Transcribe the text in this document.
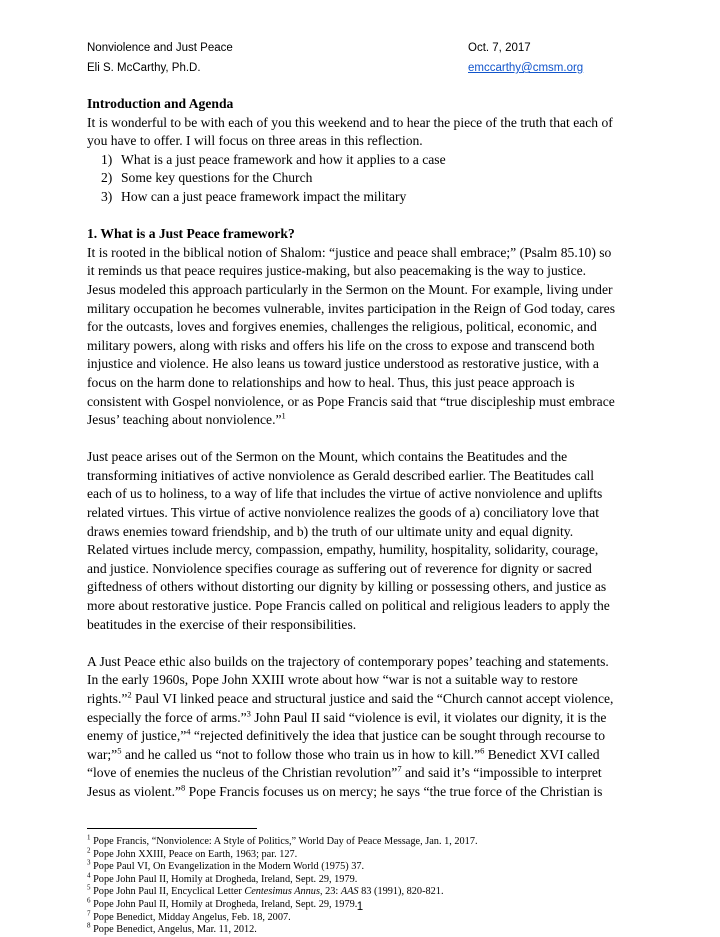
Nonviolence and Just Peace	Oct. 7, 2017
Eli S. McCarthy, Ph.D.	emccarthy@cmsm.org
Introduction and Agenda
It is wonderful to be with each of you this weekend and to hear the piece of the truth that each of
you have to offer. I will focus on three areas in this reflection.
1) What is a just peace framework and how it applies to a case
2) Some key questions for the Church
3) How can a just peace framework impact the military
1. What is a Just Peace framework?
It is rooted in the biblical notion of Shalom: “justice and peace shall embrace;” (Psalm 85.10) so
it reminds us that peace requires justice-making, but also peacemaking is the way to justice.
Jesus modeled this approach particularly in the Sermon on the Mount. For example, living under
military occupation he becomes vulnerable, invites participation in the Reign of God today, cares
for the outcasts, loves and forgives enemies, challenges the religious, political, economic, and
military powers, along with risks and offers his life on the cross to expose and transcend both
injustice and violence. He also leans us toward justice understood as restorative justice, with a
focus on the harm done to relationships and how to heal. Thus, this just peace approach is
consistent with Gospel nonviolence, or as Pope Francis said that “true discipleship must embrace
Jesus’ teaching about nonviolence.”$^1$
Just peace arises out of the Sermon on the Mount, which contains the Beatitudes and the
transforming initiatives of active nonviolence as Gerald described earlier. The Beatitudes call
each of us to holiness, to a way of life that includes the virtue of active nonviolence and uplifts
related virtues. This virtue of active nonviolence realizes the goods of a) conciliatory love that
draws enemies toward friendship, and b) the truth of our ultimate unity and equal dignity.
Related virtues include mercy, compassion, empathy, humility, hospitality, solidarity, courage,
and justice. Nonviolence specifies courage as suffering out of reverence for dignity or sacred
giftedness of others without distorting our dignity by killing or possessing others, and justice as
more about restorative justice. Pope Francis called on political and religious leaders to apply the
beatitudes in the exercise of their responsibilities.
A Just Peace ethic also builds on the trajectory of contemporary popes’ teaching and statements.
In the early 1960s, Pope John XXIII wrote about how “war is not a suitable way to restore
rights.”$^2$ Paul VI linked peace and structural justice and said the “Church cannot accept violence,
especially the force of arms.”$^3$ John Paul II said “violence is evil, it violates our dignity, it is the
enemy of justice,”$^4$ “rejected definitively the idea that justice can be sought through recourse to
war;”$^5$ and he called us “not to follow those who train us in how to kill.”$^6$ Benedict XVI called
“love of enemies the nucleus of the Christian revolution”$^7$ and said it’s “impossible to interpret
Jesus as violent.”$^8$ Pope Francis focuses us on mercy; he says “the true force of the Christian is
$^1$ Pope Francis, “Nonviolence: A Style of Politics,” World Day of Peace Message, Jan. 1, 2017.
$^2$ Pope John XXIII, Peace on Earth, 1963; par. 127.
$^3$ Pope Paul VI, On Evangelization in the Modern World (1975) 37.
$^4$ Pope John Paul II, Homily at Drogheda, Ireland, Sept. 29, 1979.
$^5$ Pope John Paul II, Encyclical Letter Centesimus Annus, 23: AAS 83 (1991), 820-821.
$^6$ Pope John Paul II, Homily at Drogheda, Ireland, Sept. 29, 1979.
$^7$ Pope Benedict, Midday Angelus, Feb. 18, 2007.
$^8$ Pope Benedict, Angelus, Mar. 11, 2012.
1
